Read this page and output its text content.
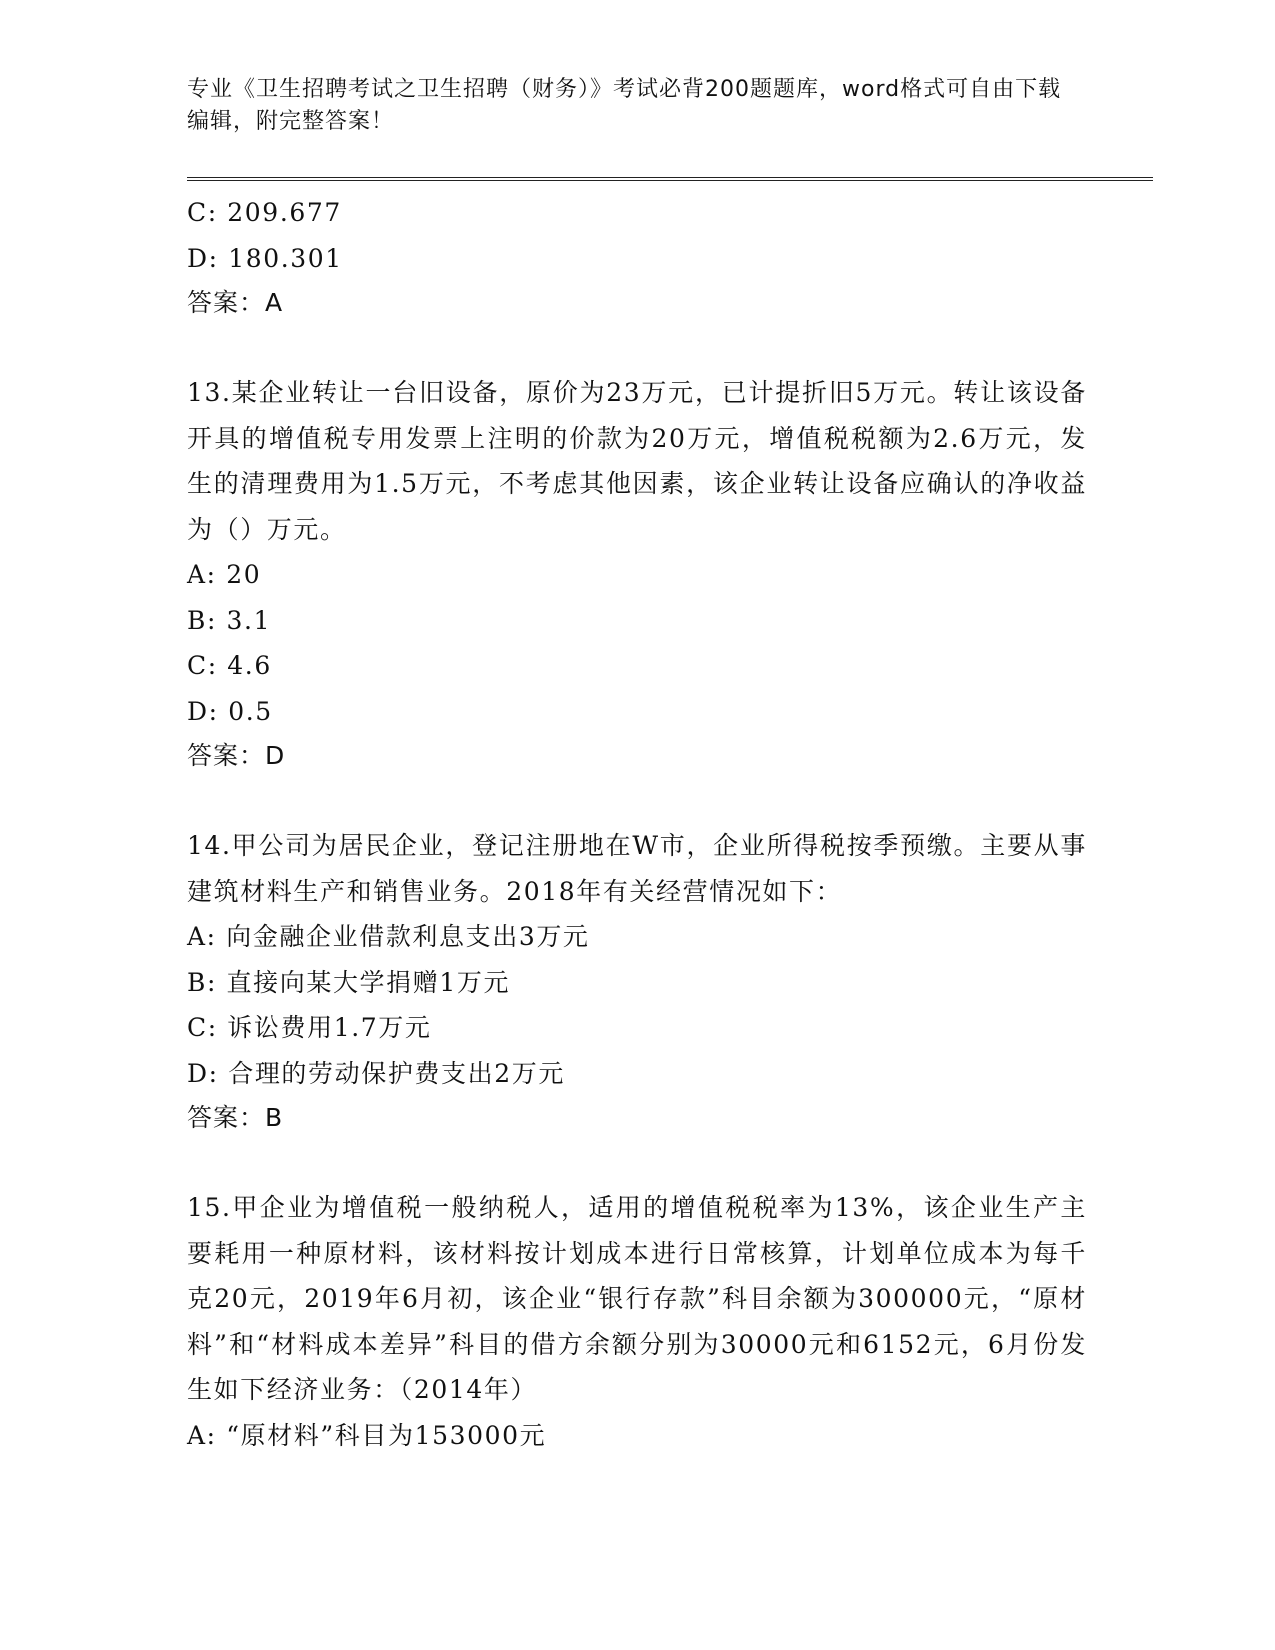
专业《卫生招聘考试之卫生招聘（财务）》考试必背200题题库，word格式可自由下载编辑，附完整答案！
C: 209.677
D: 180.301
答案：A
13.某企业转让一台旧设备，原价为23万元，已计提折旧5万元。转让该设备开具的增值税专用发票上注明的价款为20万元，增值税税额为2.6万元，发生的清理费用为1.5万元，不考虑其他因素，该企业转让设备应确认的净收益为（）万元。
A: 20
B: 3.1
C: 4.6
D: 0.5
答案：D
14.甲公司为居民企业，登记注册地在W市，企业所得税按季预缴。主要从事建筑材料生产和销售业务。2018年有关经营情况如下：
A: 向金融企业借款利息支出3万元
B: 直接向某大学捐赠1万元
C: 诉讼费用1.7万元
D: 合理的劳动保护费支出2万元
答案：B
15.甲企业为增值税一般纳税人，适用的增值税税率为13%，该企业生产主要耗用一种原材料，该材料按计划成本进行日常核算，计划单位成本为每千克20元，2019年6月初，该企业“银行存款”科目余额为300000元，“原材料”和“材料成本差异”科目的借方余额分别为30000元和6152元，6月份发生如下经济业务：（2014年）
A: “原材料”科目为153000元
